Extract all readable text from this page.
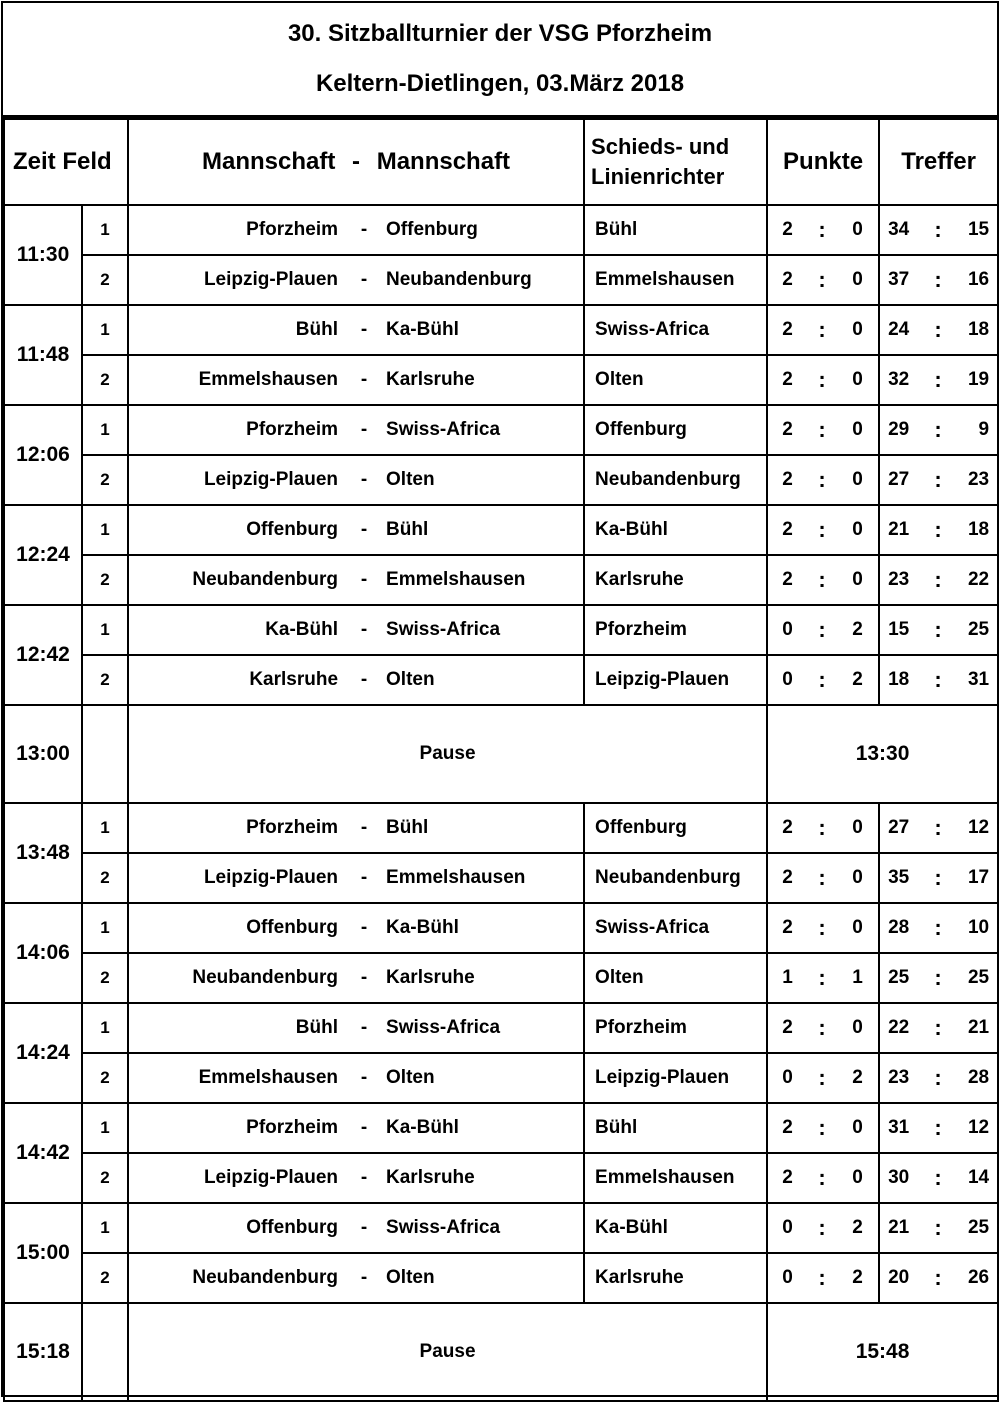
30. Sitzballturnier der VSG Pforzheim
Keltern-Dietlingen, 03.März 2018
Zeit Feld		Mannschaft - Mannschaft			Schieds- und
Linienrichter	Punkte			Treffer		
11:30	1	Pforzheim	-	Offenburg	Bühl	2	:	0	34	:	15
	2	Leipzig-Plauen	-	Neubandenburg	Emmelshausen	2	:	0	37	:	16
11:48	1	Bühl	-	Ka-Bühl	Swiss-Africa	2	:	0	24	:	18
	2	Emmelshausen	-	Karlsruhe	Olten	2	:	0	32	:	19
12:06	1	Pforzheim	-	Swiss-Africa	Offenburg	2	:	0	29	:	9
	2	Leipzig-Plauen	-	Olten	Neubandenburg	2	:	0	27	:	23
12:24	1	Offenburg	-	Bühl	Ka-Bühl	2	:	0	21	:	18
	2	Neubandenburg	-	Emmelshausen	Karlsruhe	2	:	0	23	:	22
12:42	1	Ka-Bühl	-	Swiss-Africa	Pforzheim	0	:	2	15	:	25
	2	Karlsruhe	-	Olten	Leipzig-Plauen	0	:	2	18	:	31
13:00		Pause				13:30					
13:48	1	Pforzheim	-	Bühl	Offenburg	2	:	0	27	:	12
	2	Leipzig-Plauen	-	Emmelshausen	Neubandenburg	2	:	0	35	:	17
14:06	1	Offenburg	-	Ka-Bühl	Swiss-Africa	2	:	0	28	:	10
	2	Neubandenburg	-	Karlsruhe	Olten	1	:	1	25	:	25
14:24	1	Bühl	-	Swiss-Africa	Pforzheim	2	:	0	22	:	21
	2	Emmelshausen	-	Olten	Leipzig-Plauen	0	:	2	23	:	28
14:42	1	Pforzheim	-	Ka-Bühl	Bühl	2	:	0	31	:	12
	2	Leipzig-Plauen	-	Karlsruhe	Emmelshausen	2	:	0	30	:	14
15:00	1	Offenburg	-	Swiss-Africa	Ka-Bühl	0	:	2	21	:	25
	2	Neubandenburg	-	Olten	Karlsruhe	0	:	2	20	:	26
15:18		Pause				15:48					
